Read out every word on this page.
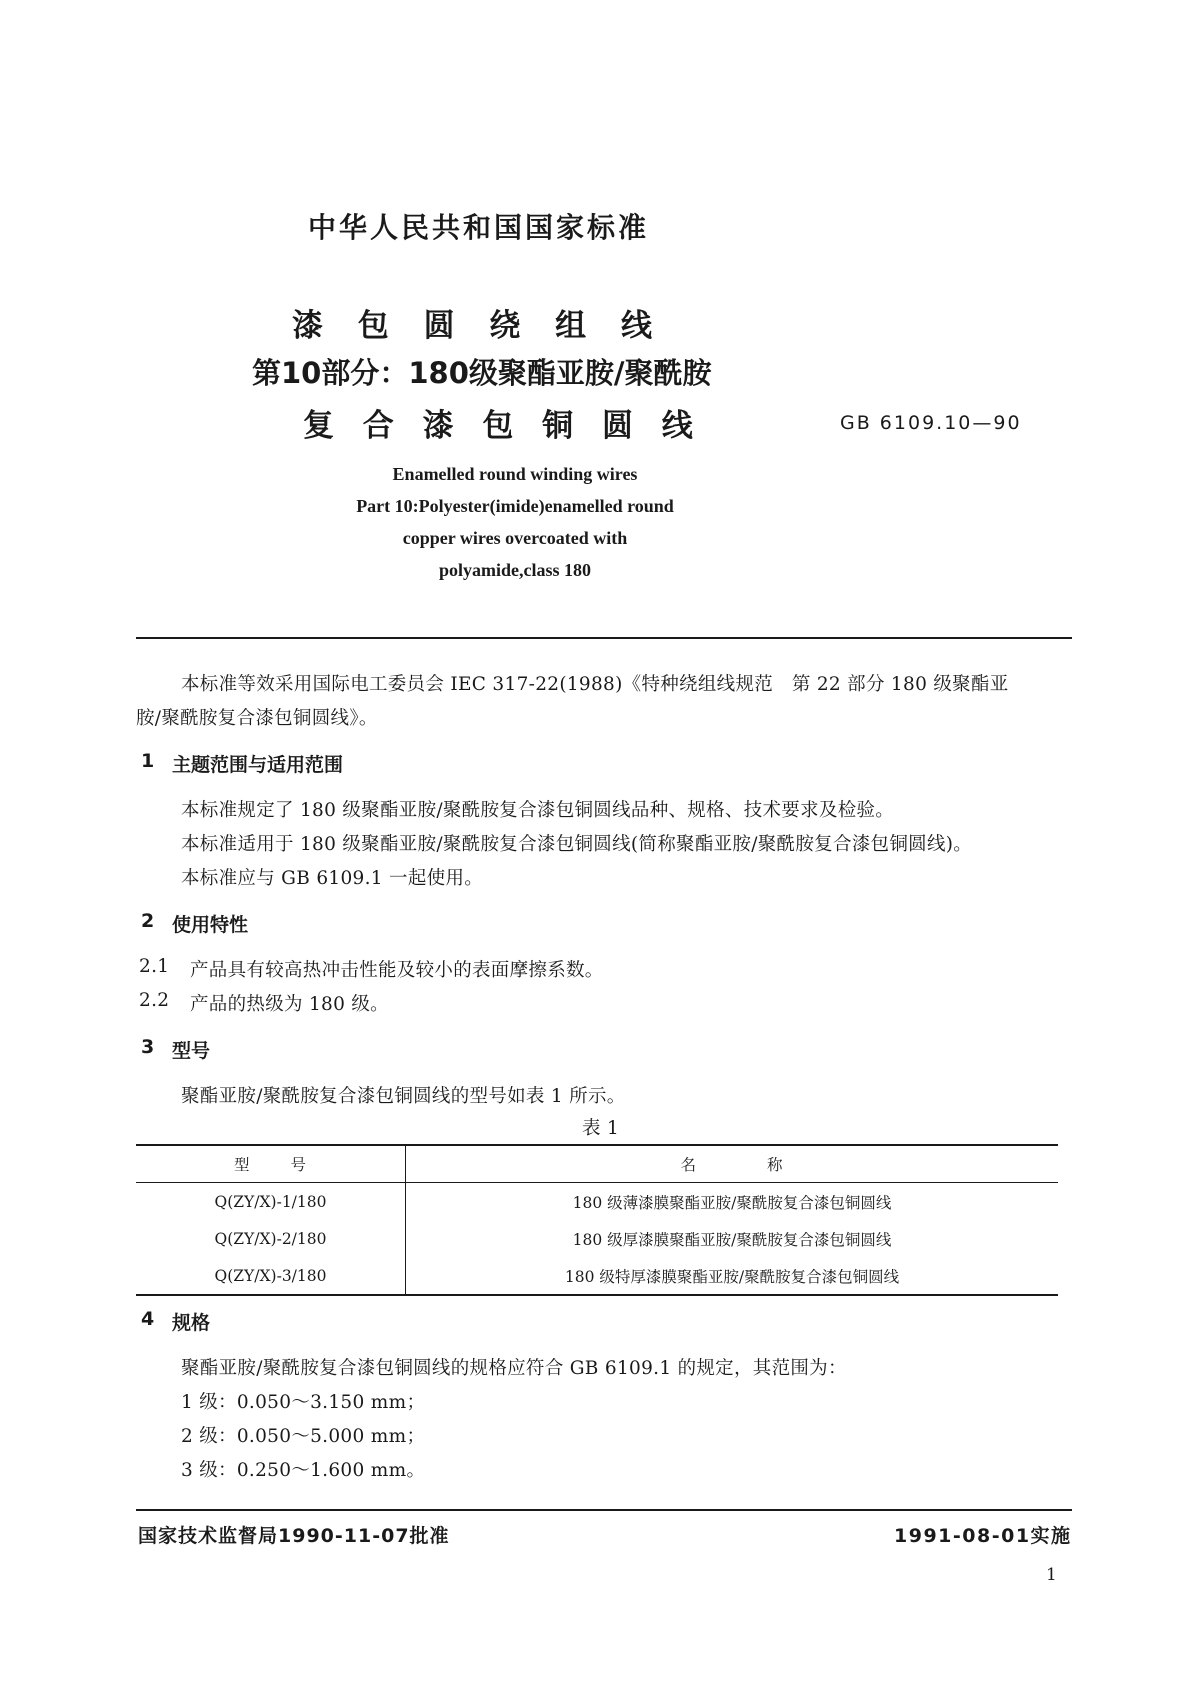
中华人民共和国国家标准
漆 包 圆 绕 组 线
第10部分：180级聚酯亚胺/聚酰胺
复 合 漆 包 铜 圆 线	GB 6109.10—90
Enamelled round winding wires
Part 10:Polyester(imide)enamelled round
copper wires overcoated with
polyamide,class 180
本标准等效采用国际电工委员会 IEC 317-22(1988)《特种绕组线规范　第 22 部分 180 级聚酯亚
胺/聚酰胺复合漆包铜圆线》。
1 主题范围与适用范围
本标准规定了 180 级聚酯亚胺/聚酰胺复合漆包铜圆线品种、规格、技术要求及检验。
本标准适用于 180 级聚酯亚胺/聚酰胺复合漆包铜圆线(简称聚酯亚胺/聚酰胺复合漆包铜圆线)。
本标准应与 GB 6109.1 一起使用。
2 使用特性
2.1 产品具有较高热冲击性能及较小的表面摩擦系数。
2.2 产品的热级为 180 级。
3 型号
聚酯亚胺/聚酰胺复合漆包铜圆线的型号如表 1 所示。
表 1
型 号	名 称
Q(ZY/X)-1/180	180 级薄漆膜聚酯亚胺/聚酰胺复合漆包铜圆线
Q(ZY/X)-2/180	180 级厚漆膜聚酯亚胺/聚酰胺复合漆包铜圆线
Q(ZY/X)-3/180	180 级特厚漆膜聚酯亚胺/聚酰胺复合漆包铜圆线
4 规格
聚酯亚胺/聚酰胺复合漆包铜圆线的规格应符合 GB 6109.1 的规定，其范围为：
1 级：0.050～3.150 mm；
2 级：0.050～5.000 mm；
3 级：0.250～1.600 mm。
国家技术监督局1990-11-07批准	1991-08-01实施
1
